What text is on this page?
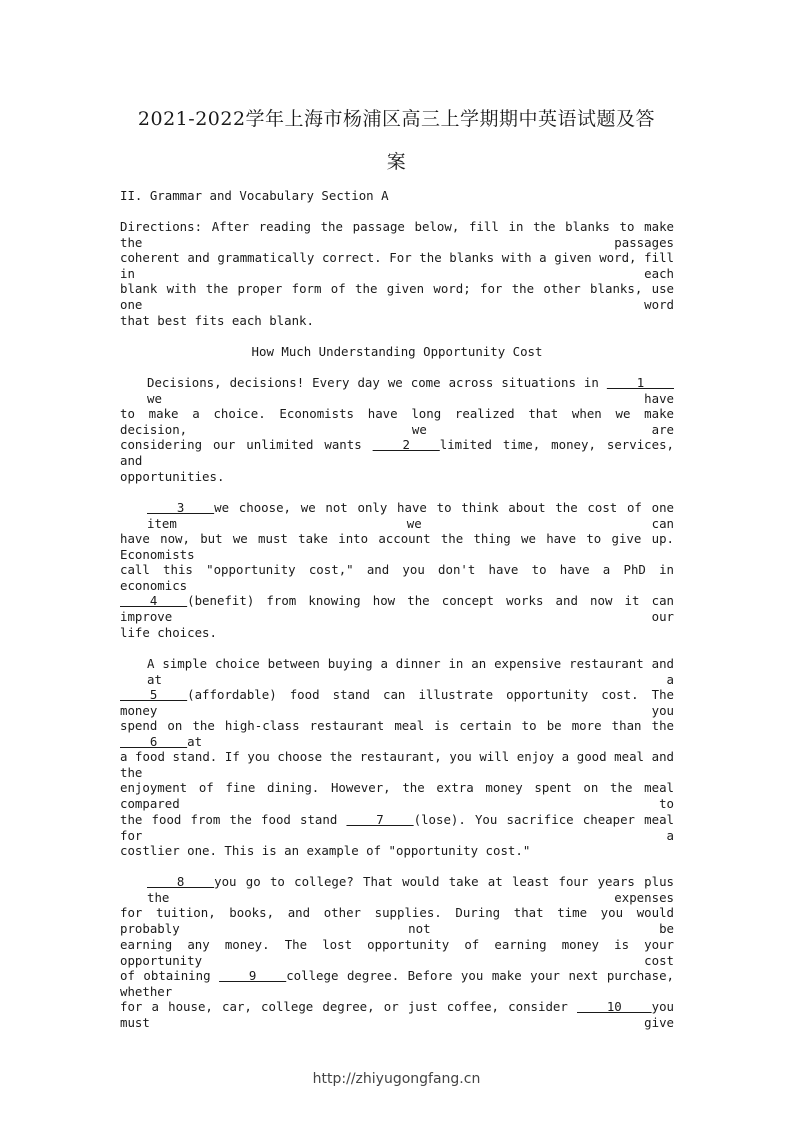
2021-2022学年上海市杨浦区高三上学期期中英语试题及答
案
II. Grammar and Vocabulary Section A
Directions: After reading the passage below, fill in the blanks to make the passages
coherent and grammatically correct. For the blanks with a given word, fill in each
blank with the proper form of the given word; for the other blanks, use one word
that best fits each blank.
How Much Understanding Opportunity Cost
Decisions, decisions! Every day we come across situations in     1    we have
to make a choice. Economists have long realized that when we make decision, we are
considering our unlimited wants     2    limited time, money, services, and
opportunities.
3    we choose, we not only have to think about the cost of one item we can
have now, but we must take into account the thing we have to give up. Economists
call this "opportunity cost," and you don't have to have a PhD in economics
4    (benefit) from knowing how the concept works and now it can improve our
life choices.
A simple choice between buying a dinner in an expensive restaurant and at a
5    (affordable) food stand can illustrate opportunity cost. The money you
spend on the high-class restaurant meal is certain to be more than the     6    at
a food stand. If you choose the restaurant, you will enjoy a good meal and the
enjoyment of fine dining. However, the extra money spent on the meal compared to
the food from the food stand     7    (lose). You sacrifice cheaper meal for a
costlier one. This is an example of "opportunity cost."
8    you go to college? That would take at least four years plus the expenses
for tuition, books, and other supplies. During that time you would probably not be
earning any money. The lost opportunity of earning money is your opportunity cost
of obtaining     9    college degree. Before you make your next purchase, whether
for a house, car, college degree, or just coffee, consider     10    you must give
http://zhiyugongfang.cn
